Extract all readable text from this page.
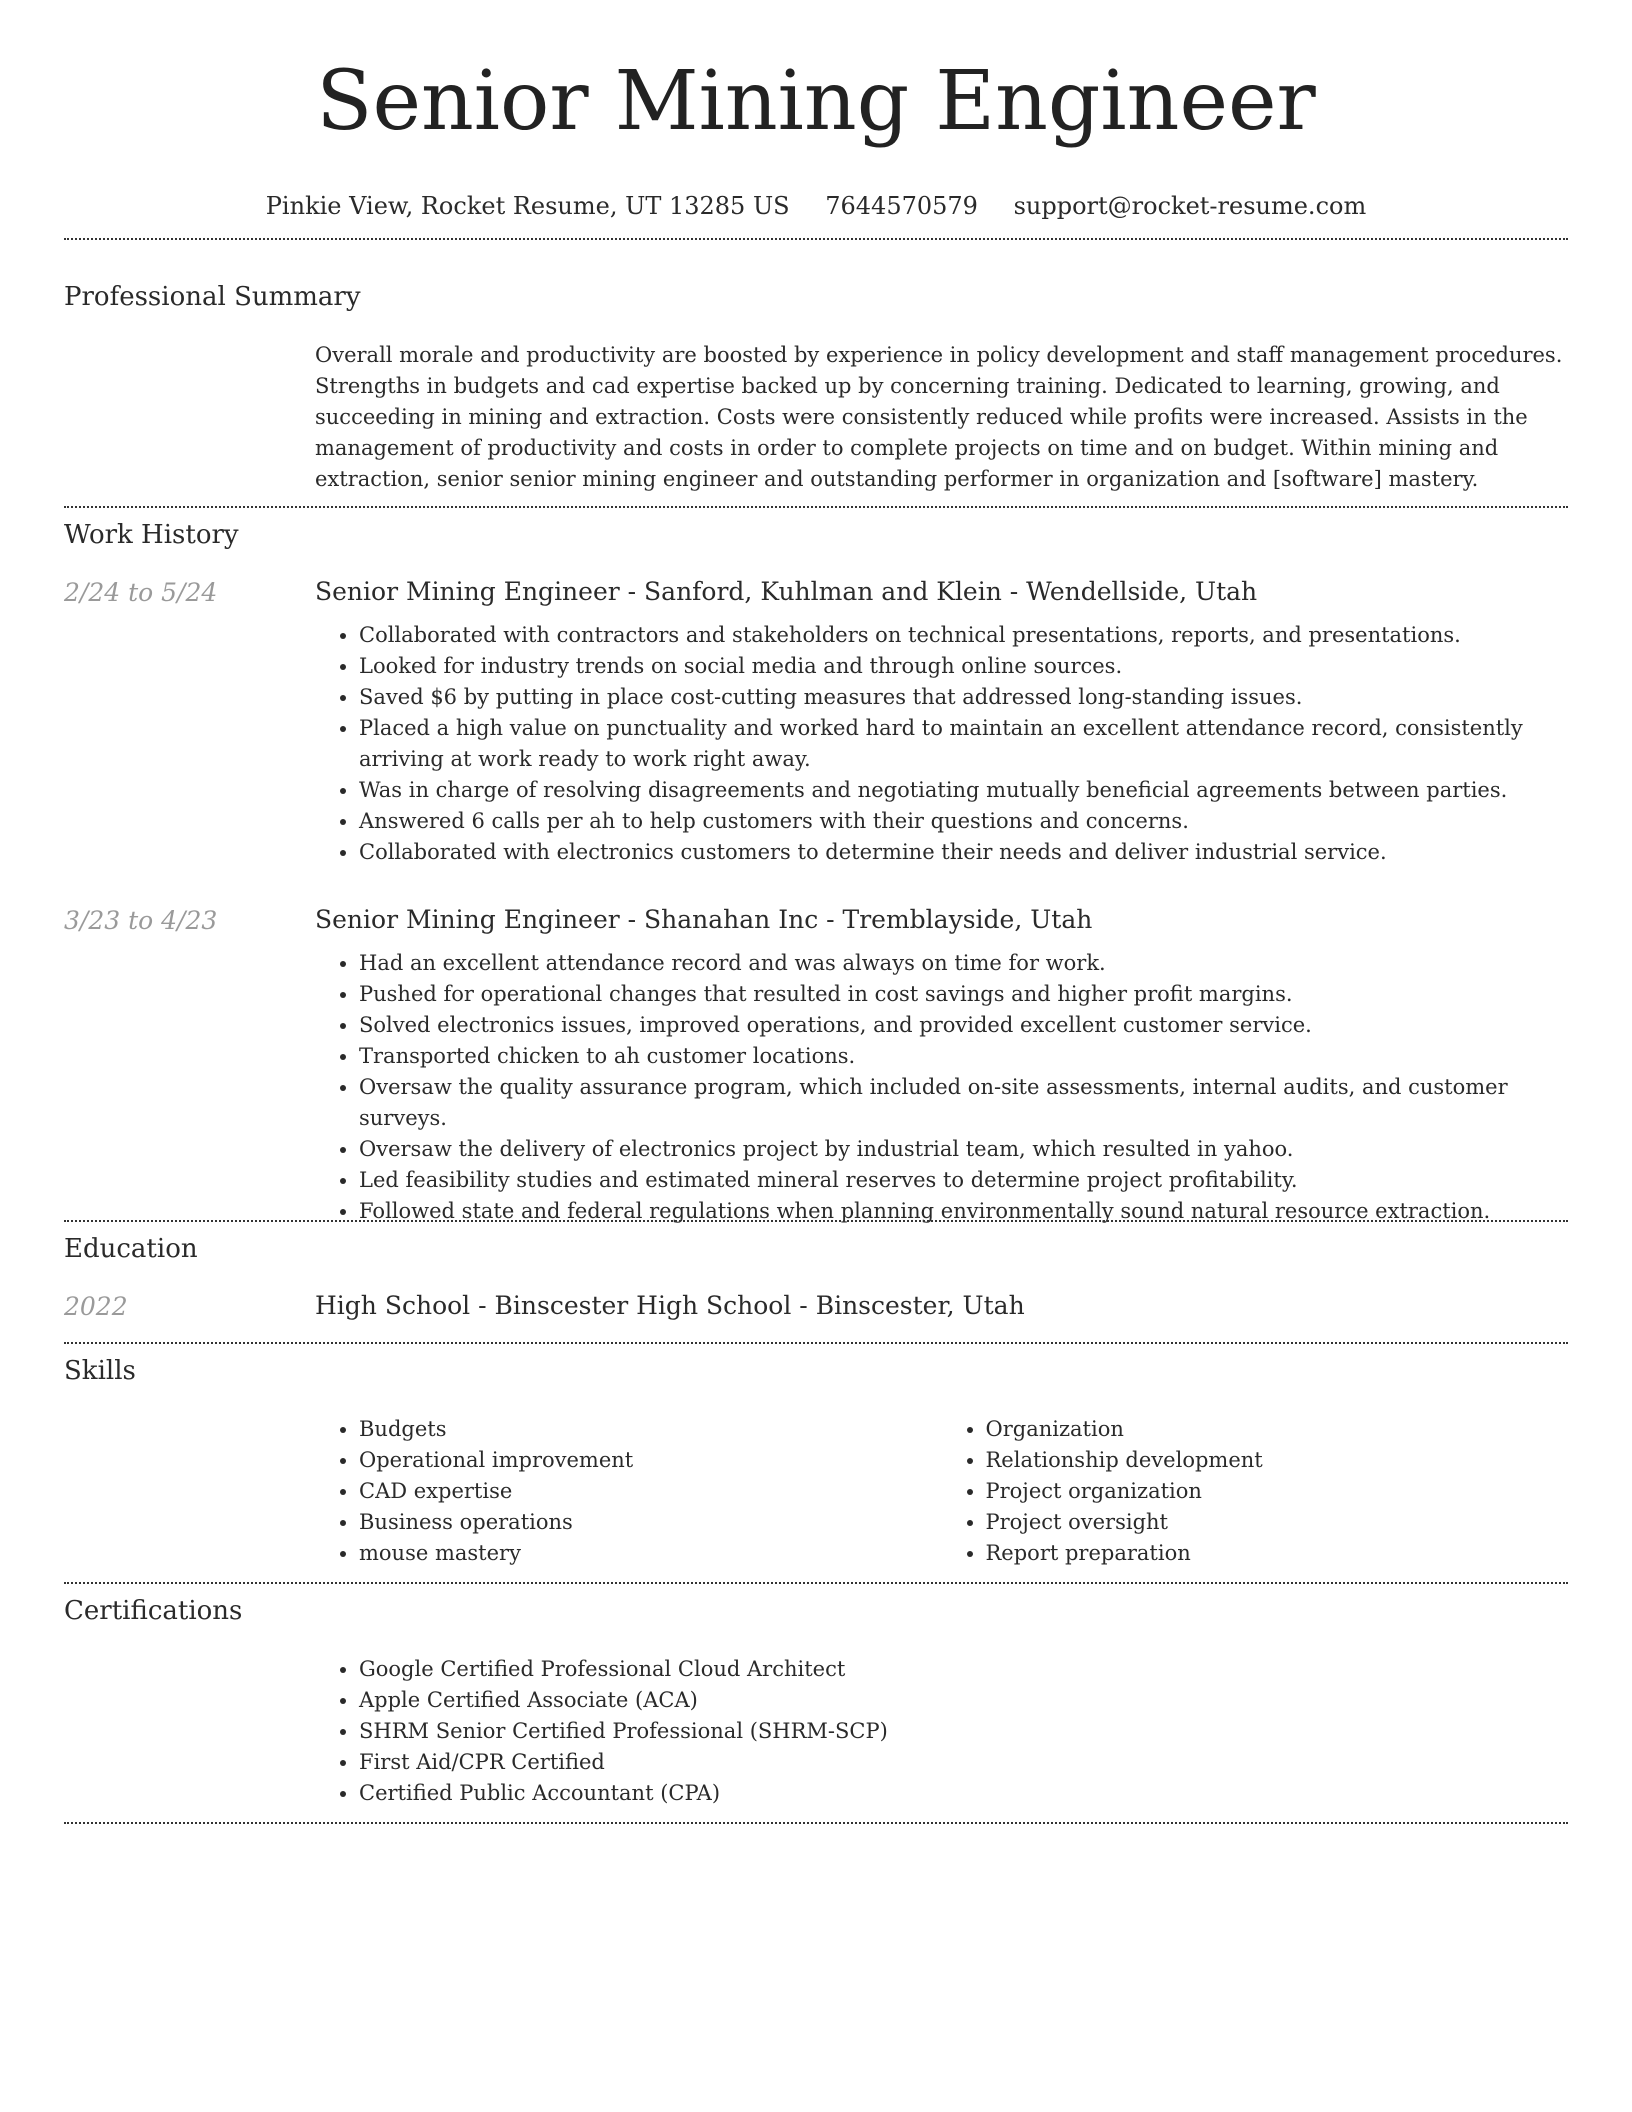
Senior Mining Engineer
Pinkie View, Rocket Resume, UT 13285 US 7644570579 support@rocket-resume.com
Professional Summary

Overall morale and productivity are boosted by experience in policy development and staff management procedures. Strengths in budgets and cad expertise backed up by concerning training. Dedicated to learning, growing, and succeeding in mining and extraction. Costs were consistently reduced while profits were increased. Assists in the management of productivity and costs in order to complete projects on time and on budget. Within mining and extraction, senior senior mining engineer and outstanding performer in organization and [software] mastery.

Work History
2/24 to 5/24	Senior Mining Engineer - Sanford, Kuhlman and Klein - Wendellside, Utah

• Collaborated with contractors and stakeholders on technical presentations, reports, and presentations.
• Looked for industry trends on social media and through online sources.
• Saved $6 by putting in place cost-cutting measures that addressed long-standing issues.
• Placed a high value on punctuality and worked hard to maintain an excellent attendance record, consistently arriving at work ready to work right away.
• Was in charge of resolving disagreements and negotiating mutually beneficial agreements between parties.
• Answered 6 calls per ah to help customers with their questions and concerns.
• Collaborated with electronics customers to determine their needs and deliver industrial service.
3/23 to 4/23	Senior Mining Engineer - Shanahan Inc - Tremblayside, Utah

• Had an excellent attendance record and was always on time for work.
• Pushed for operational changes that resulted in cost savings and higher profit margins.
• Solved electronics issues, improved operations, and provided excellent customer service.
• Transported chicken to ah customer locations.
• Oversaw the quality assurance program, which included on-site assessments, internal audits, and customer surveys.
• Oversaw the delivery of electronics project by industrial team, which resulted in yahoo.
• Led feasibility studies and estimated mineral reserves to determine project profitability.
• Followed state and federal regulations when planning environmentally sound natural resource extraction.
Education
2022	High School - Binscester High School - Binscester, Utah

Skills
• Budgets
• Operational improvement
• CAD expertise
• Business operations
• mouse mastery
• Organization
• Relationship development
• Project organization
• Project oversight
• Report preparation
Certifications
• Google Certified Professional Cloud Architect
• Apple Certified Associate (ACA)
• SHRM Senior Certified Professional (SHRM-SCP)
• First Aid/CPR Certified
• Certified Public Accountant (CPA)
